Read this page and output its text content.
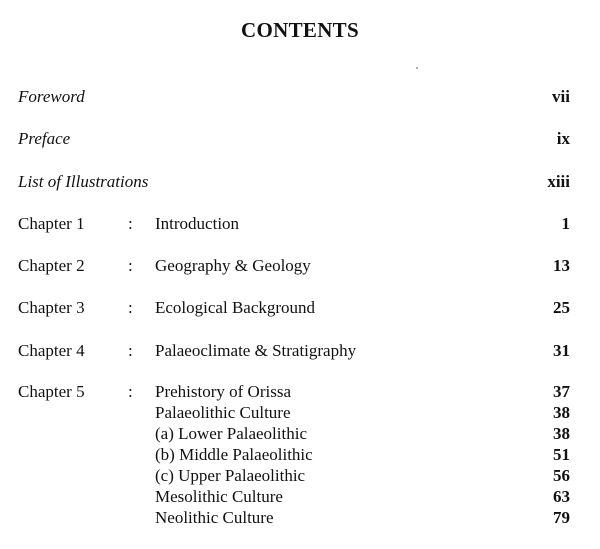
CONTENTS
Foreword	vii
Preface	ix
List of Illustrations	xiii
Chapter 1	: Introduction	1
Chapter 2	: Geography & Geology	13
Chapter 3	: Ecological Background	25
Chapter 4	: Palaeoclimate & Stratigraphy	31
Chapter 5	: Prehistory of Orissa	37
Palaeolithic Culture	38
(a) Lower Palaeolithic	38
(b) Middle Palaeolithic	51
(c) Upper Palaeolithic	56
Mesolithic Culture	63
Neolithic Culture	79
